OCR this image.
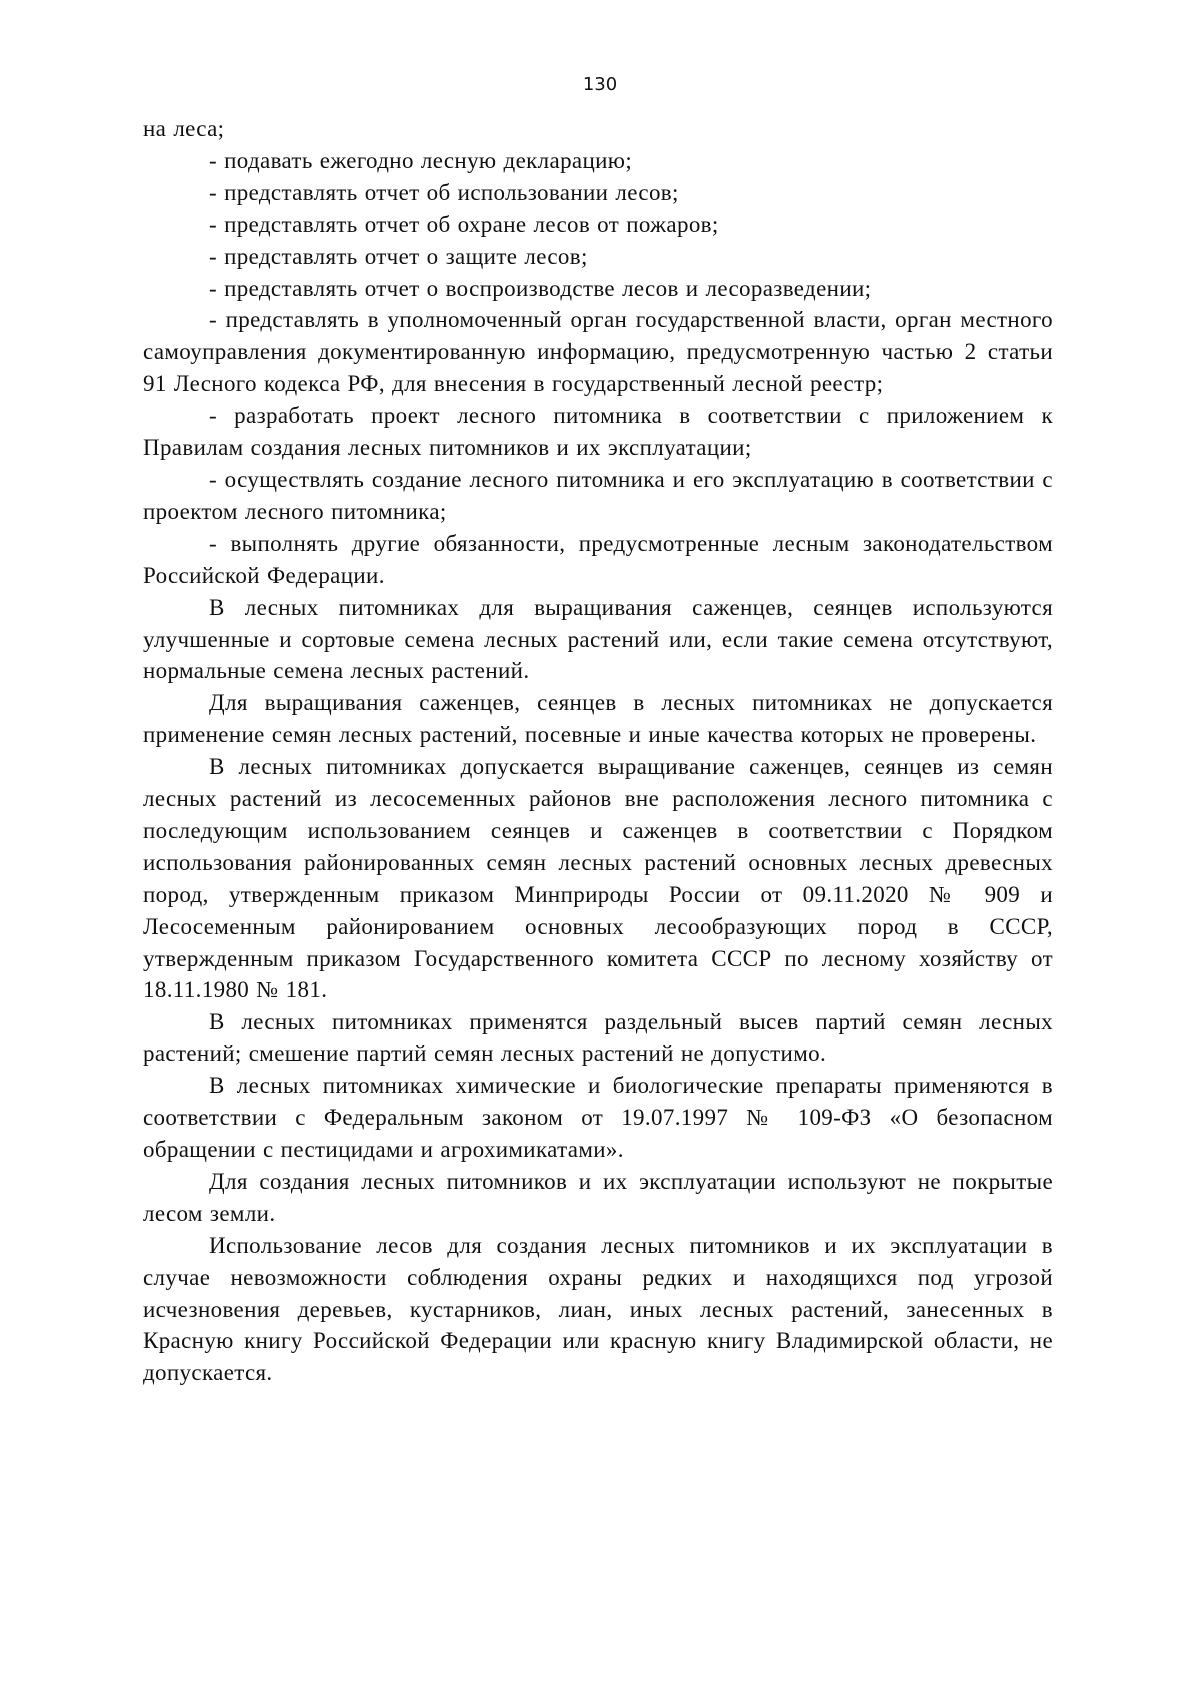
130

на леса;

- подавать ежегодно лесную декларацию;

- представлять отчет об использовании лесов;

- представлять отчет об охране лесов от пожаров;

- представлять отчет о защите лесов;

- представлять отчет о воспроизводстве лесов и лесоразведении;

- представлять в уполномоченный орган государственной власти, орган местного самоуправления документированную информацию, предусмотренную частью 2 статьи 91 Лесного кодекса РФ, для внесения в государственный лесной реестр;

- разработать проект лесного питомника в соответствии с приложением к Правилам создания лесных питомников и их эксплуатации;

- осуществлять создание лесного питомника и его эксплуатацию в соответствии с проектом лесного питомника;

- выполнять другие обязанности, предусмотренные лесным законодательством Российской Федерации.

В лесных питомниках для выращивания саженцев, сеянцев используются улучшенные и сортовые семена лесных растений или, если такие семена отсутствуют, нормальные семена лесных растений.

Для выращивания саженцев, сеянцев в лесных питомниках не допускается применение семян лесных растений, посевные и иные качества которых не проверены.

В лесных питомниках допускается выращивание саженцев, сеянцев из семян лесных растений из лесосеменных районов вне расположения лесного питомника с последующим использованием сеянцев и саженцев в соответствии с Порядком использования районированных семян лесных растений основных лесных древесных пород, утвержденным приказом Минприроды России от 09.11.2020 № 909 и Лесосеменным районированием основных лесообразующих пород в СССР, утвержденным приказом Государственного комитета СССР по лесному хозяйству от 18.11.1980 № 181.

В лесных питомниках применятся раздельный высев партий семян лесных растений; смешение партий семян лесных растений не допустимо.

В лесных питомниках химические и биологические препараты применяются в соответствии с Федеральным законом от 19.07.1997 № 109-ФЗ «О безопасном обращении с пестицидами и агрохимикатами».

Для создания лесных питомников и их эксплуатации используют не покрытые лесом земли.

Использование лесов для создания лесных питомников и их эксплуатации в случае невозможности соблюдения охраны редких и находящихся под угрозой исчезновения деревьев, кустарников, лиан, иных лесных растений, занесенных в Красную книгу Российской Федерации или красную книгу Владимирской области, не допускается.
